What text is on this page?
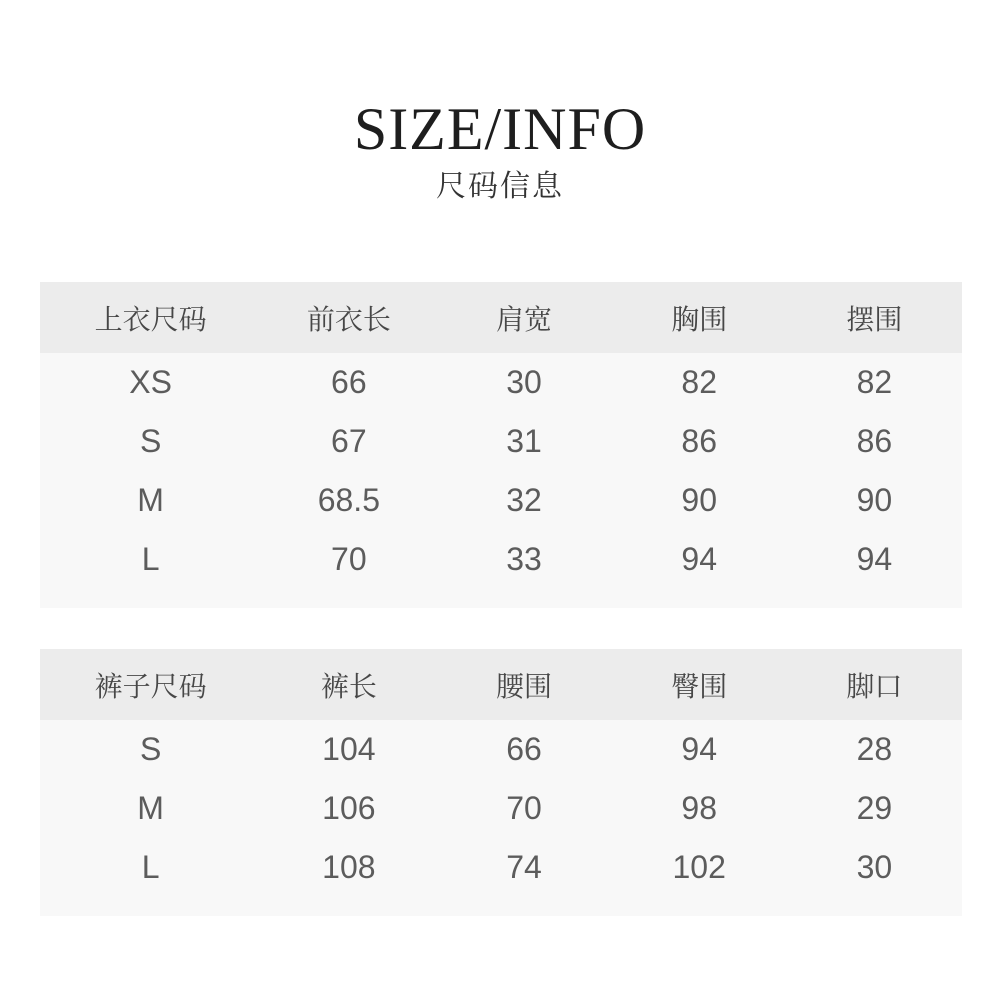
SIZE/INFO
尺码信息
上衣尺码	前衣长	肩宽	胸围	摆围
XS	66	30	82	82
S	67	31	86	86
M	68.5	32	90	90
L	70	33	94	94
裤子尺码	裤长	腰围	臀围	脚口
S	104	66	94	28
M	106	70	98	29
L	108	74	102	30
